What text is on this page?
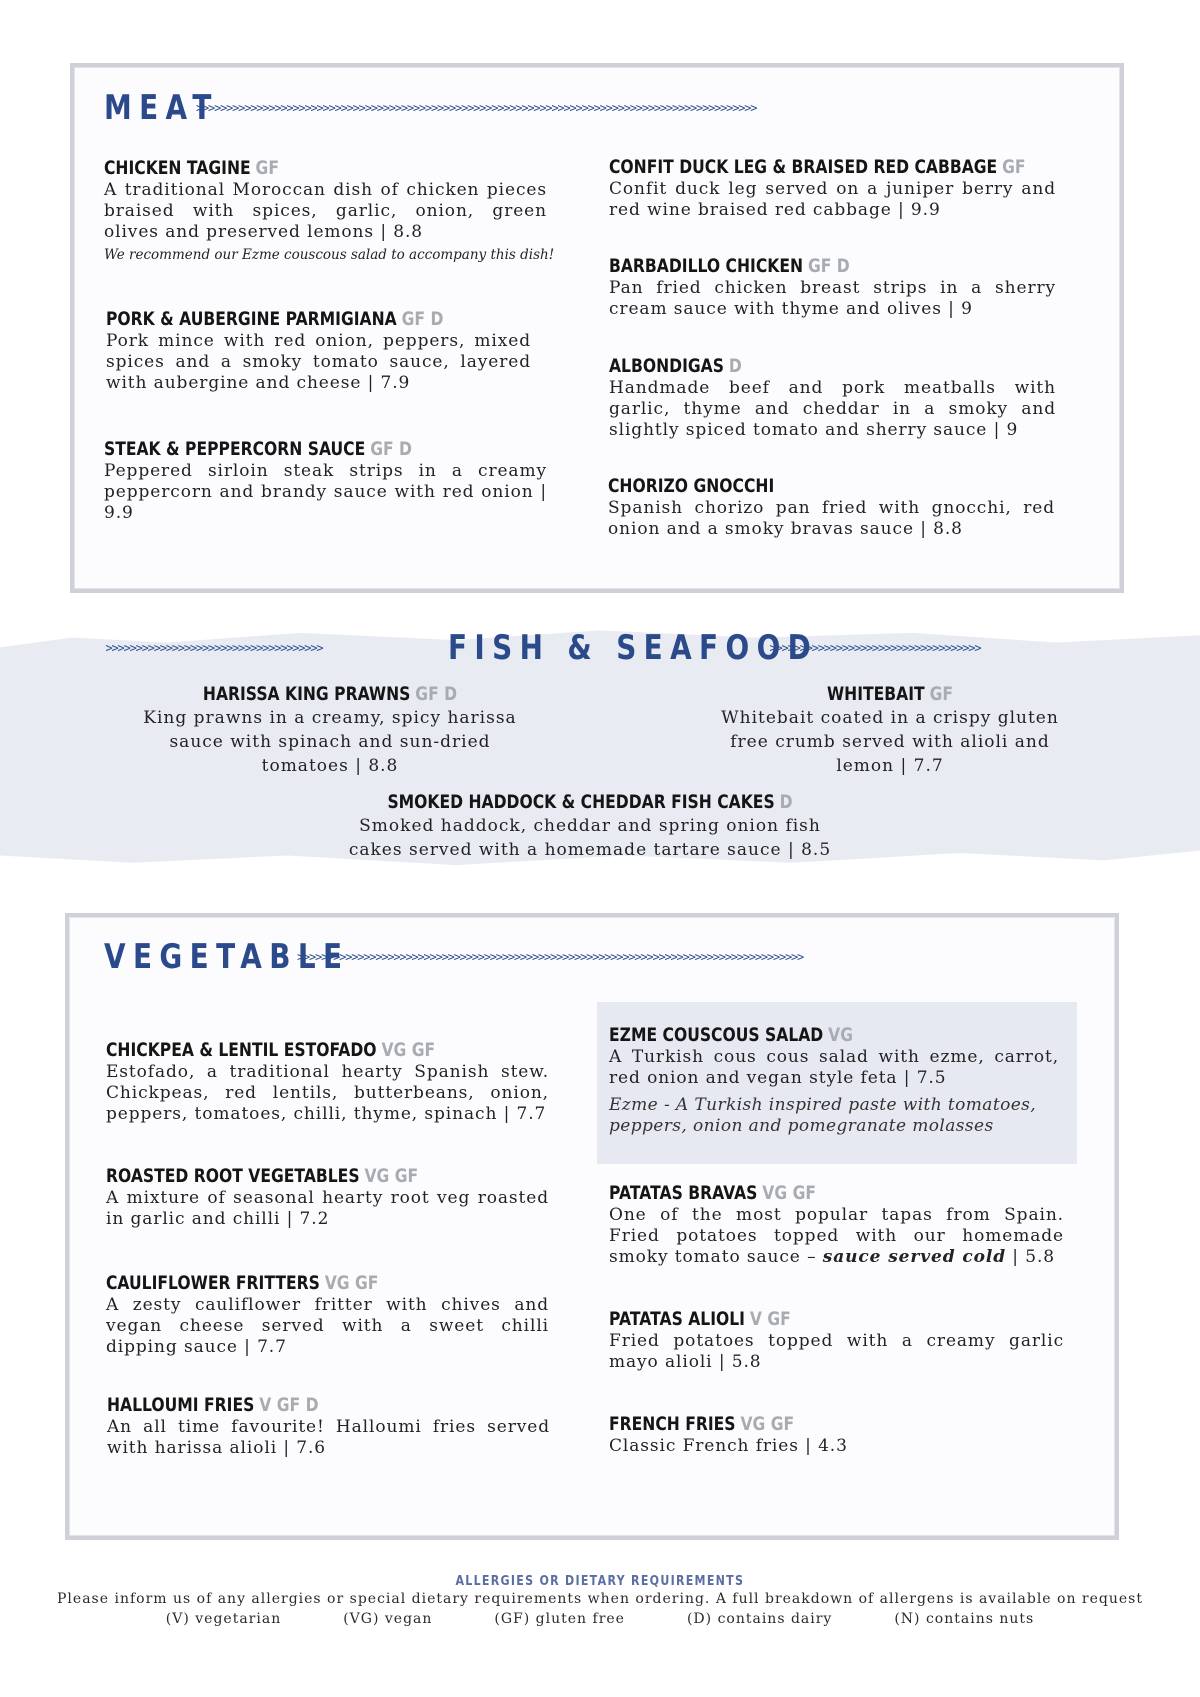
MEAT
>>>>>>>>>>>>>>>>>>>>>>>>>>>>>>>>>>>>>>>>>>>>>>>>>>>>>>>>>>>>>>>>>>>>>>>>>>>>>>>>>>>>>>>>>>>>>
CHICKEN TAGINE GF
A traditional Moroccan dish of chicken pieces braised with spices, garlic, onion, green olives and preserved lemons | 8.8
We recommend our Ezme couscous salad to accompany this dish!
PORK & AUBERGINE PARMIGIANA GF D
Pork mince with red onion, peppers, mixed spices and a smoky tomato sauce, layered with aubergine and cheese | 7.9
STEAK & PEPPERCORN SAUCE GF D
Peppered sirloin steak strips in a creamy peppercorn and brandy sauce with red onion | 9.9
CONFIT DUCK LEG & BRAISED RED CABBAGE GF
Confit duck leg served on a juniper berry and red wine braised red cabbage | 9.9
BARBADILLO CHICKEN GF D
Pan fried chicken breast strips in a sherry cream sauce with thyme and olives | 9
ALBONDIGAS D
Handmade beef and pork meatballs with garlic, thyme and cheddar in a smoky and slightly spiced tomato and sherry sauce | 9
CHORIZO GNOCCHI
Spanish chorizo pan fried with gnocchi, red onion and a smoky bravas sauce | 8.8
>>>>>>>>>>>>>>>>>>>>>>>>>>>>>>>>>>>>	FISH & SEAFOOD
>>>>>>>>>>>>>>>>>>>>>>>>>>>>>>>>>>>
HARISSA KING PRAWNS GF D
King prawns in a creamy, spicy harissa sauce with spinach and sun-dried tomatoes | 8.8
WHITEBAIT GF
Whitebait coated in a crispy gluten free crumb served with alioli and lemon | 7.7
SMOKED HADDOCK & CHEDDAR FISH CAKES D
Smoked haddock, cheddar and spring onion fish cakes served with a homemade tartare sauce | 8.5
VEGETABLE
>>>>>>>>>>>>>>>>>>>>>>>>>>>>>>>>>>>>>>>>>>>>>>>>>>>>>>>>>>>>>>>>>>>>>>>>>>>>>>>>>>>>
CHICKPEA & LENTIL ESTOFADO VG GF
Estofado, a traditional hearty Spanish stew. Chickpeas, red lentils, butterbeans, onion, peppers, tomatoes, chilli, thyme, spinach | 7.7
ROASTED ROOT VEGETABLES VG GF
A mixture of seasonal hearty root veg roasted in garlic and chilli | 7.2
CAULIFLOWER FRITTERS VG GF
A zesty cauliflower fritter with chives and vegan cheese served with a sweet chilli dipping sauce | 7.7
HALLOUMI FRIES V GF D
An all time favourite! Halloumi fries served with harissa alioli | 7.6
EZME COUSCOUS SALAD VG
A Turkish cous cous salad with ezme, carrot, red onion and vegan style feta | 7.5
Ezme - A Turkish inspired paste with tomatoes, peppers, onion and pomegranate molasses
PATATAS BRAVAS VG GF
One of the most popular tapas from Spain. Fried potatoes topped with our homemade smoky tomato sauce – sauce served cold | 5.8
PATATAS ALIOLI V GF
Fried potatoes topped with a creamy garlic mayo alioli | 5.8
FRENCH FRIES VG GF
Classic French fries | 4.3
ALLERGIES OR DIETARY REQUIREMENTS
Please inform us of any allergies or special dietary requirements when ordering. A full breakdown of allergens is available on request
(V) vegetarian	(VG) vegan	(GF) gluten free	(D) contains dairy	(N) contains nuts
